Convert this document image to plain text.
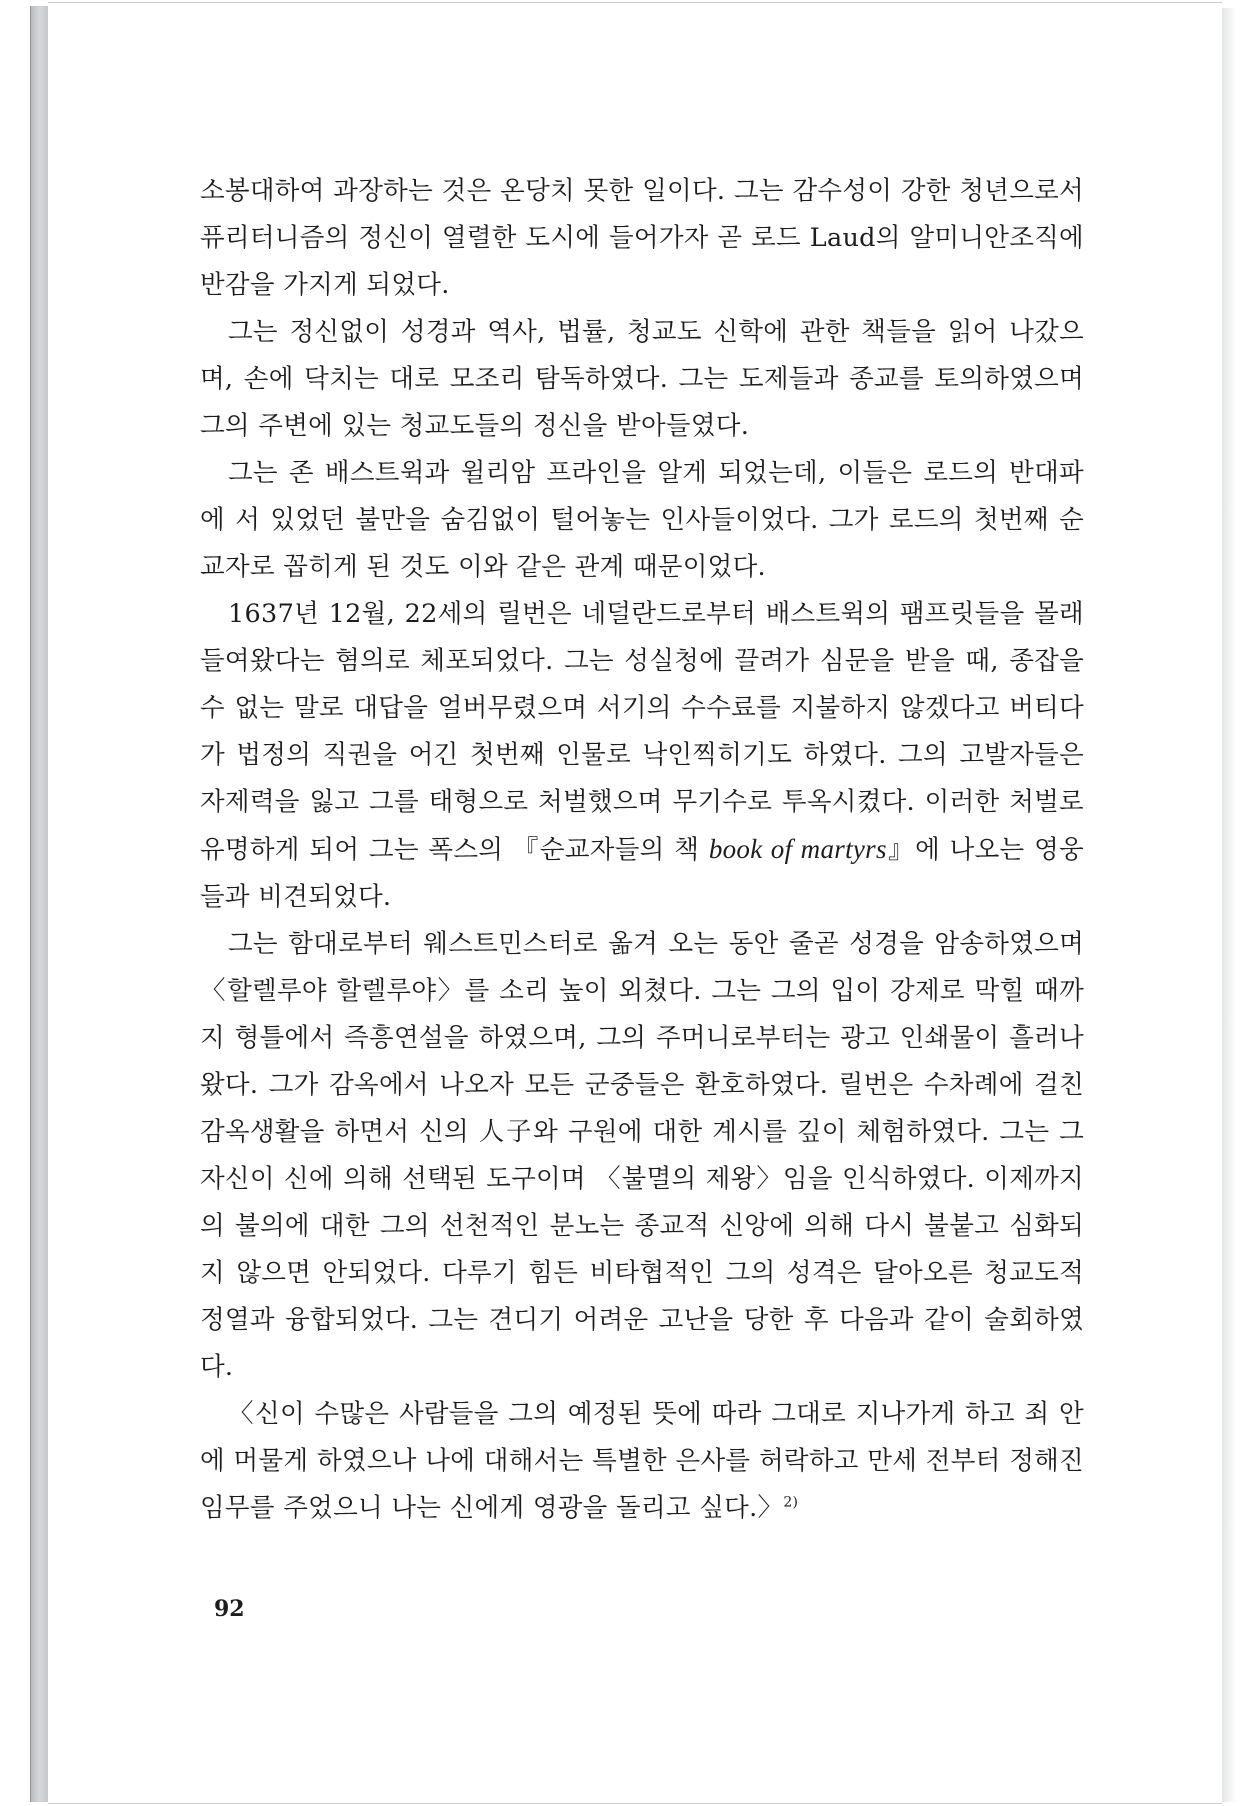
소봉대하여 과장하는 것은 온당치 못한 일이다. 그는 감수성이 강한 청년으로서 퓨리터니즘의 정신이 열렬한 도시에 들어가자 곧 로드 Laud의 알미니안조직에 반감을 가지게 되었다.

그는 정신없이 성경과 역사, 법률, 청교도 신학에 관한 책들을 읽어 나갔으며, 손에 닥치는 대로 모조리 탐독하였다. 그는 도제들과 종교를 토의하였으며 그의 주변에 있는 청교도들의 정신을 받아들였다.

그는 존 배스트윅과 윌리암 프라인을 알게 되었는데, 이들은 로드의 반대파에 서 있었던 불만을 숨김없이 털어놓는 인사들이었다. 그가 로드의 첫번째 순교자로 꼽히게 된 것도 이와 같은 관계 때문이었다.

1637년 12월, 22세의 릴번은 네덜란드로부터 배스트윅의 팸프릿들을 몰래 들여왔다는 혐의로 체포되었다. 그는 성실청에 끌려가 심문을 받을 때, 종잡을 수 없는 말로 대답을 얼버무렸으며 서기의 수수료를 지불하지 않겠다고 버티다가 법정의 직권을 어긴 첫번째 인물로 낙인찍히기도 하였다. 그의 고발자들은 자제력을 잃고 그를 태형으로 처벌했으며 무기수로 투옥시켰다. 이러한 처벌로 유명하게 되어 그는 폭스의 『순교자들의 책 book of martyrs』에 나오는 영웅들과 비견되었다.

그는 함대로부터 웨스트민스터로 옮겨 오는 동안 줄곧 성경을 암송하였으며 〈할렐루야 할렐루야〉를 소리 높이 외쳤다. 그는 그의 입이 강제로 막힐 때까지 형틀에서 즉흥연설을 하였으며, 그의 주머니로부터는 광고 인쇄물이 흘러나왔다. 그가 감옥에서 나오자 모든 군중들은 환호하였다. 릴번은 수차례에 걸친 감옥생활을 하면서 신의 人子와 구원에 대한 계시를 깊이 체험하였다. 그는 그 자신이 신에 의해 선택된 도구이며 〈불멸의 제왕〉임을 인식하였다. 이제까지의 불의에 대한 그의 선천적인 분노는 종교적 신앙에 의해 다시 불붙고 심화되지 않으면 안되었다. 다루기 힘든 비타협적인 그의 성격은 달아오른 청교도적 정열과 융합되었다. 그는 견디기 어려운 고난을 당한 후 다음과 같이 술회하였다.

〈신이 수많은 사람들을 그의 예정된 뜻에 따라 그대로 지나가게 하고 죄 안에 머물게 하였으나 나에 대해서는 특별한 은사를 허락하고 만세 전부터 정해진 임무를 주었으니 나는 신에게 영광을 돌리고 싶다.〉$^{2)}$

92
